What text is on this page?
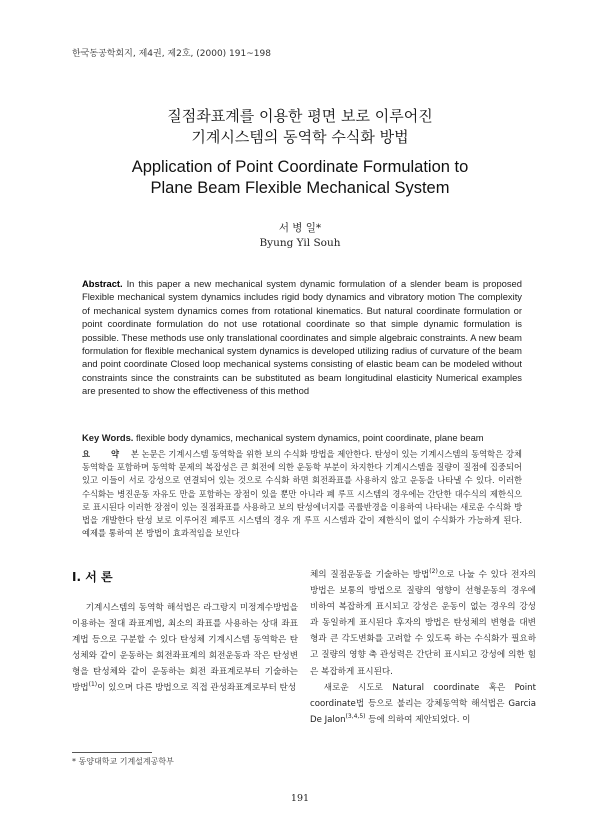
한국동공학회지, 제4권, 제2호, (2000) 191~198
질점좌표계를 이용한 평면 보로 이루어진
기계시스템의 동역학 수식화 방법
Application of Point Coordinate Formulation to
Plane Beam Flexible Mechanical System
서 병 일*
Byung Yil Souh
Abstract. In this paper a new mechanical system dynamic formulation of a slender beam is proposed Flexible mechanical system dynamics includes rigid body dynamics and vibratory motion The complexity of mechanical system dynamics comes from rotational kinematics. But natural coordinate formulation or point coordinate formulation do not use rotational coordinate so that simple dynamic formulation is possible. These methods use only translational coordinates and simple algebraic constraints. A new beam formulation for flexible mechanical system dynamics is developed utilizing radius of curvature of the beam and point coordinate Closed loop mechanical systems consisting of elastic beam can be modeled without constraints since the constraints can be substituted as beam longitudinal elasticity Numerical examples are presented to show the effectiveness of this method
Key Words. flexible body dynamics, mechanical system dynamics, point coordinate, plane beam
요 약 본 논문은 기계시스템 동역학을 위한 보의 수식화 방법을 제안한다. 탄성이 있는 기계시스템의 동역학은 강체동역학을 포함하며 동역학 문제의 복잡성은 큰 회전에 의한 운동학 부분이 차지한다 기계시스템을 질량이 질점에 집중되어 있고 이들이 서로 강성으로 연결되어 있는 것으로 수식화 하면 회전좌표를 사용하지 않고 운동을 나타낼 수 있다. 이러한 수식화는 병진운동 자유도 만을 포함하는 장점이 있을 뿐만 아니라 폐 루프 시스템의 경우에는 간단한 대수식의 제한식으로 표시된다 이러한 장점이 있는 질점좌표를 사용하고 보의 탄성에너지를 곡률반경을 이용하여 나타내는 새로운 수식화 방법을 개발한다 탄성 보로 이루어진 폐루프 시스템의 경우 개 루프 시스템과 같이 제한식이 없이 수식화가 가능하게 된다. 예제를 통하여 본 방법이 효과적임을 보인다
I. 서 론

기계시스템의 동역학 해석법은 라그랑지 미정계수방법을 이용하는 절대 좌표계법, 최소의 좌표를 사용하는 상대 좌표계법 등으로 구분할 수 있다 탄성체 기계시스템 동역학은 탄성체와 같이 운동하는 회전좌표계의 회전운동과 작은 탄성변형을 탄성체와 같이 운동하는 회전 좌표계로부터 기술하는 방법$^{(1)}$이 있으며 다른 방법으로 직접 관성좌표계로부터 탄성

체의 질점운동을 기술하는 방법$^{(2)}$으로 나눌 수 있다 전자의 방법은 보통의 방법으로 질량의 영향이 선형운동의 경우에 비하여 복잡하게 표시되고 강성은 운동이 없는 경우의 강성과 동일하게 표시된다 후자의 방법은 탄성체의 변형을 대변형과 큰 각도변화를 고려할 수 있도록 하는 수식화가 필요하고 질량의 영향 축 관성력은 간단히 표시되고 강성에 의한 힘은 복잡하게 표시된다.

새로운 시도로 Natural coordinate 혹은 Point coordinate법 등으로 불리는 강체동역학 해석법은 Garcia De Jalon$^{(3,4,5)}$ 등에 의하여 제안되었다. 이

* 동양대학교 기계설계공학부
191
